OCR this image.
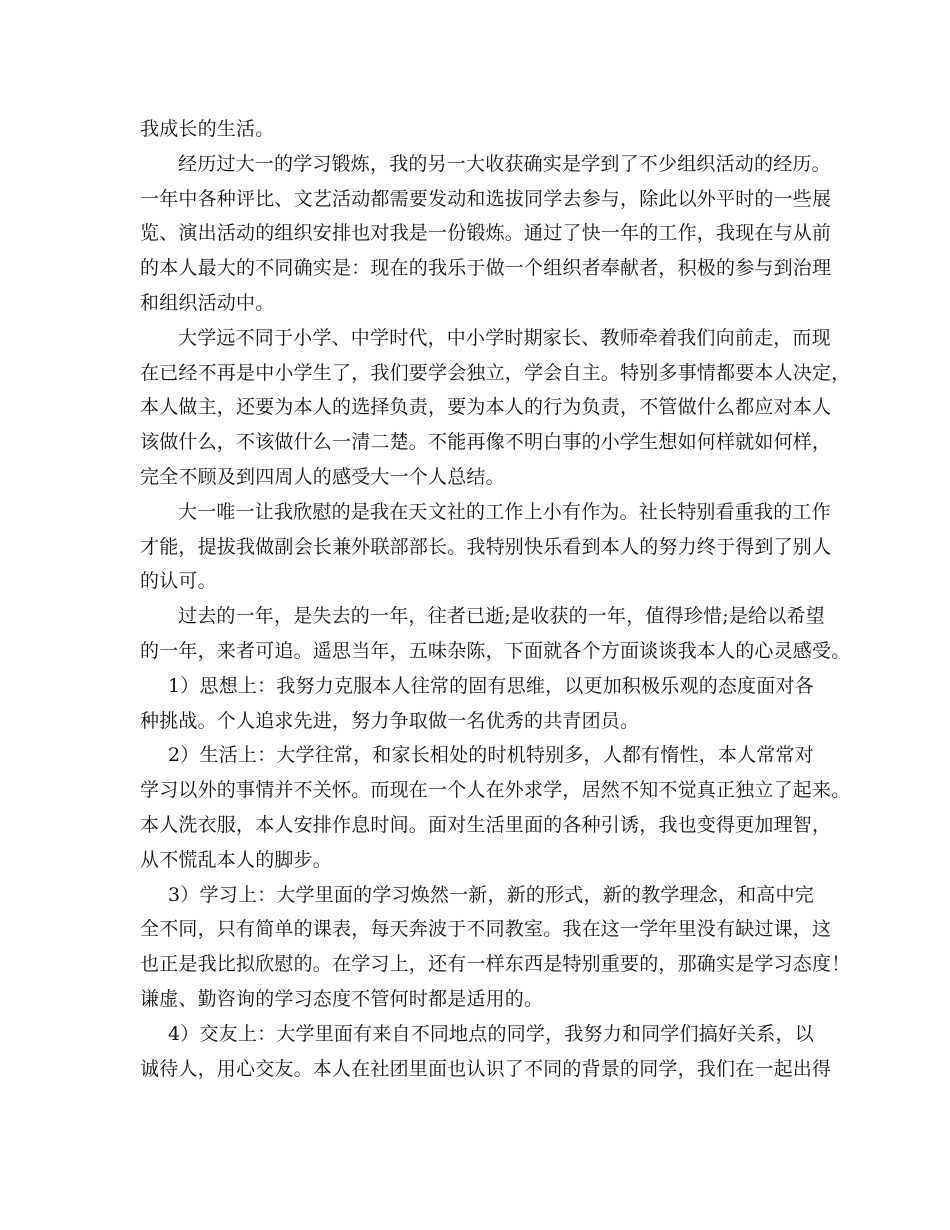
我成长的生活。
经历过大一的学习锻炼，我的另一大收获确实是学到了不少组织活动的经历。
一年中各种评比、文艺活动都需要发动和选拔同学去参与，除此以外平时的一些展
览、演出活动的组织安排也对我是一份锻炼。通过了快一年的工作，我现在与从前
的本人最大的不同确实是：现在的我乐于做一个组织者奉献者，积极的参与到治理
和组织活动中。
大学远不同于小学、中学时代，中小学时期家长、教师牵着我们向前走，而现
在已经不再是中小学生了，我们要学会独立，学会自主。特别多事情都要本人决定，
本人做主，还要为本人的选择负责，要为本人的行为负责，不管做什么都应对本人
该做什么，不该做什么一清二楚。不能再像不明白事的小学生想如何样就如何样，
完全不顾及到四周人的感受大一个人总结。
大一唯一让我欣慰的是我在天文社的工作上小有作为。社长特别看重我的工作
才能，提拔我做副会长兼外联部部长。我特别快乐看到本人的努力终于得到了别人
的认可。
过去的一年，是失去的一年，往者已逝;是收获的一年，值得珍惜;是给以希望
的一年，来者可追。遥思当年，五味杂陈，下面就各个方面谈谈我本人的心灵感受。
1）思想上：我努力克服本人往常的固有思维，以更加积极乐观的态度面对各
种挑战。个人追求先进，努力争取做一名优秀的共青团员。
2）生活上：大学往常，和家长相处的时机特别多，人都有惰性，本人常常对
学习以外的事情并不关怀。而现在一个人在外求学，居然不知不觉真正独立了起来。
本人洗衣服，本人安排作息时间。面对生活里面的各种引诱，我也变得更加理智，
从不慌乱本人的脚步。
3）学习上：大学里面的学习焕然一新，新的形式，新的教学理念，和高中完
全不同，只有简单的课表，每天奔波于不同教室。我在这一学年里没有缺过课，这
也正是我比拟欣慰的。在学习上，还有一样东西是特别重要的，那确实是学习态度！
谦虚、勤咨询的学习态度不管何时都是适用的。
4）交友上：大学里面有来自不同地点的同学，我努力和同学们搞好关系，以
诚待人，用心交友。本人在社团里面也认识了不同的背景的同学，我们在一起出得
